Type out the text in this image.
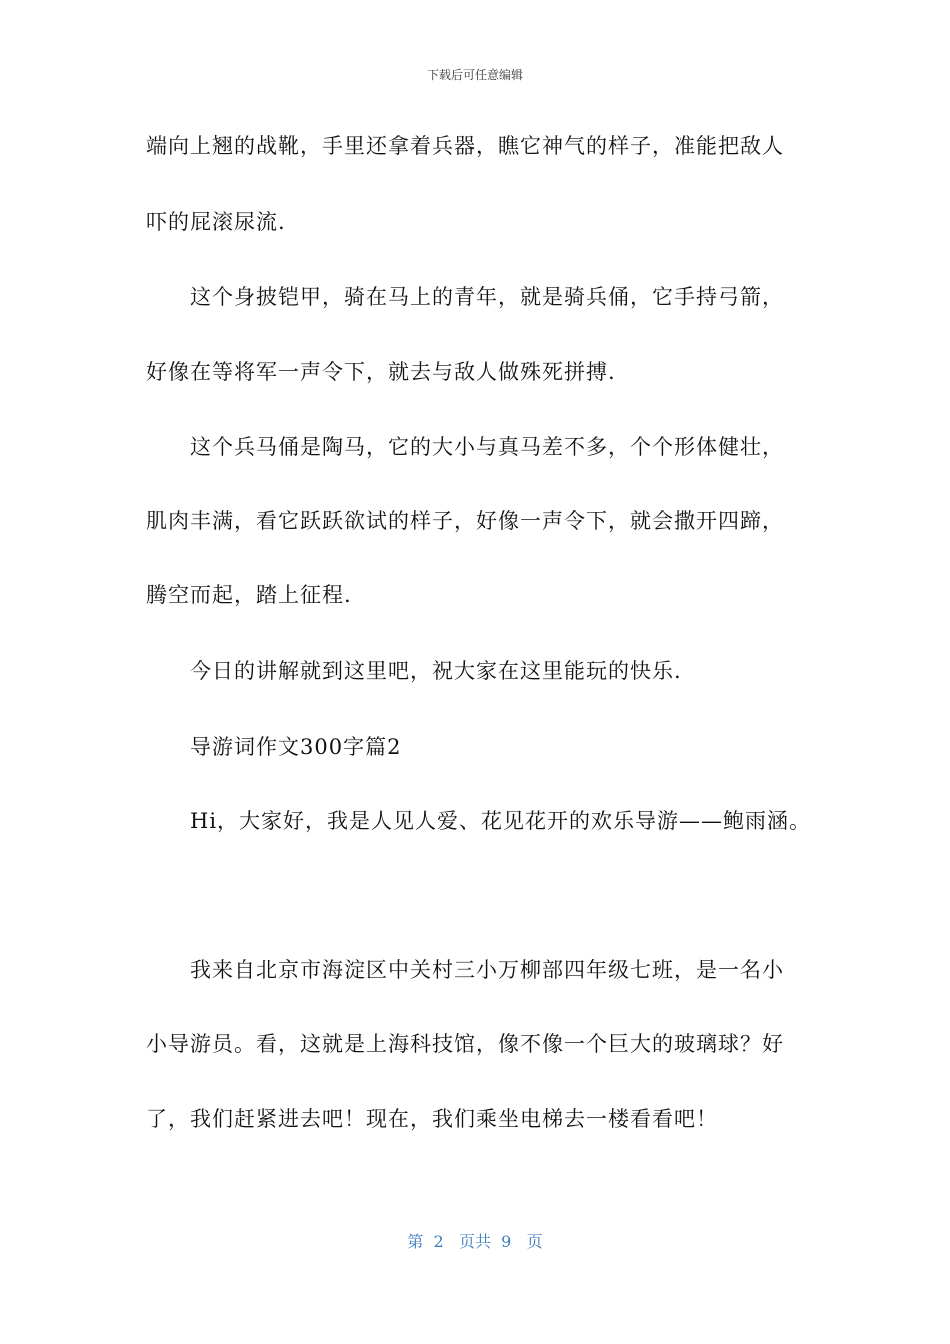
下载后可任意编辑
端向上翘的战靴，手里还拿着兵器，瞧它神气的样子，准能把敌人
吓的屁滚尿流.
这个身披铠甲，骑在马上的青年，就是骑兵俑，它手持弓箭，
好像在等将军一声令下，就去与敌人做殊死拼搏.
这个兵马俑是陶马，它的大小与真马差不多，个个形体健壮，
肌肉丰满，看它跃跃欲试的样子，好像一声令下，就会撒开四蹄，
腾空而起，踏上征程.
今日的讲解就到这里吧，祝大家在这里能玩的快乐.
导游词作文300字篇2
Hi，大家好，我是人见人爱、花见花开的欢乐导游——鲍雨涵。
我来自北京市海淀区中关村三小万柳部四年级七班，是一名小
小导游员。看，这就是上海科技馆，像不像一个巨大的玻璃球？好
了，我们赶紧进去吧！现在，我们乘坐电梯去一楼看看吧！
第  2   页共  9   页
